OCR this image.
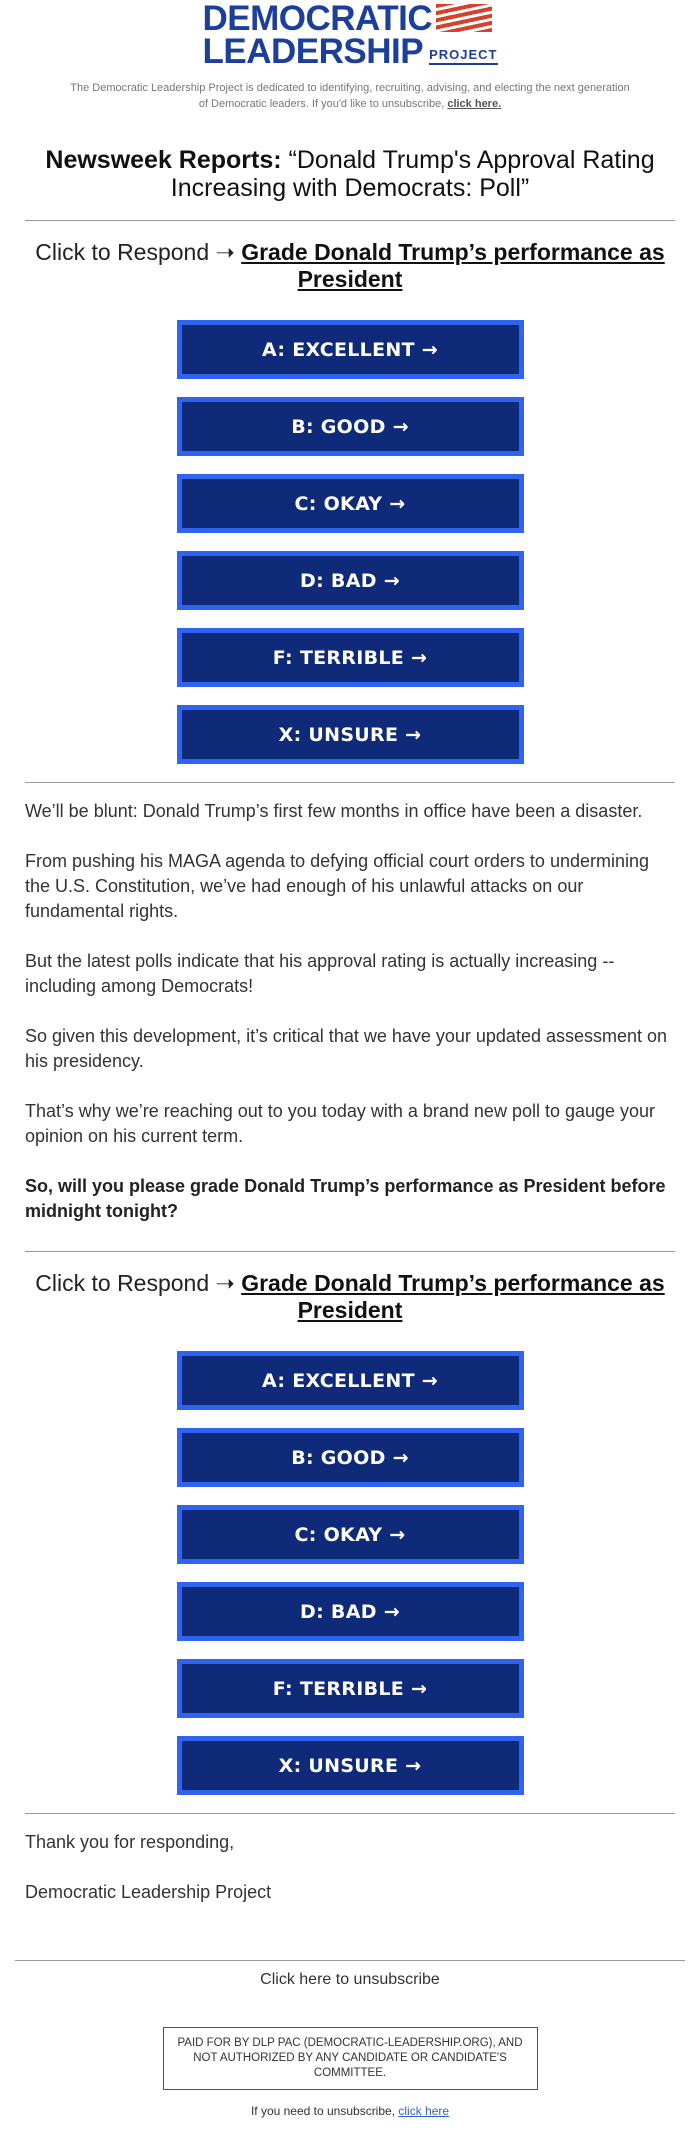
DEMOCRATIC
LEADERSHIP PROJECT
The Democratic Leadership Project is dedicated to identifying, recruiting, advising, and electing the next generation of Democratic leaders. If you'd like to unsubscribe, click here.
Newsweek Reports: “Donald Trump's Approval Rating Increasing with Democrats: Poll”
Click to Respond ➝ Grade Donald Trump’s performance as President
A: EXCELLENT →
B: GOOD →
C: OKAY →
D: BAD →
F: TERRIBLE →
X: UNSURE →

We’ll be blunt: Donald Trump’s first few months in office have been a disaster.

From pushing his MAGA agenda to defying official court orders to undermining the U.S. Constitution, we’ve had enough of his unlawful attacks on our fundamental rights.

But the latest polls indicate that his approval rating is actually increasing -- including among Democrats!

So given this development, it’s critical that we have your updated assessment on his presidency.

That’s why we’re reaching out to you today with a brand new poll to gauge your opinion on his current term.

So, will you please grade Donald Trump’s performance as President before midnight tonight?

Click to Respond ➝ Grade Donald Trump’s performance as President
A: EXCELLENT →
B: GOOD →
C: OKAY →
D: BAD →
F: TERRIBLE →
X: UNSURE →

Thank you for responding,

Democratic Leadership Project

Click here to unsubscribe
PAID FOR BY DLP PAC (DEMOCRATIC-LEADERSHIP.ORG), AND NOT AUTHORIZED BY ANY CANDIDATE OR CANDIDATE'S COMMITTEE.
If you need to unsubscribe, click here
